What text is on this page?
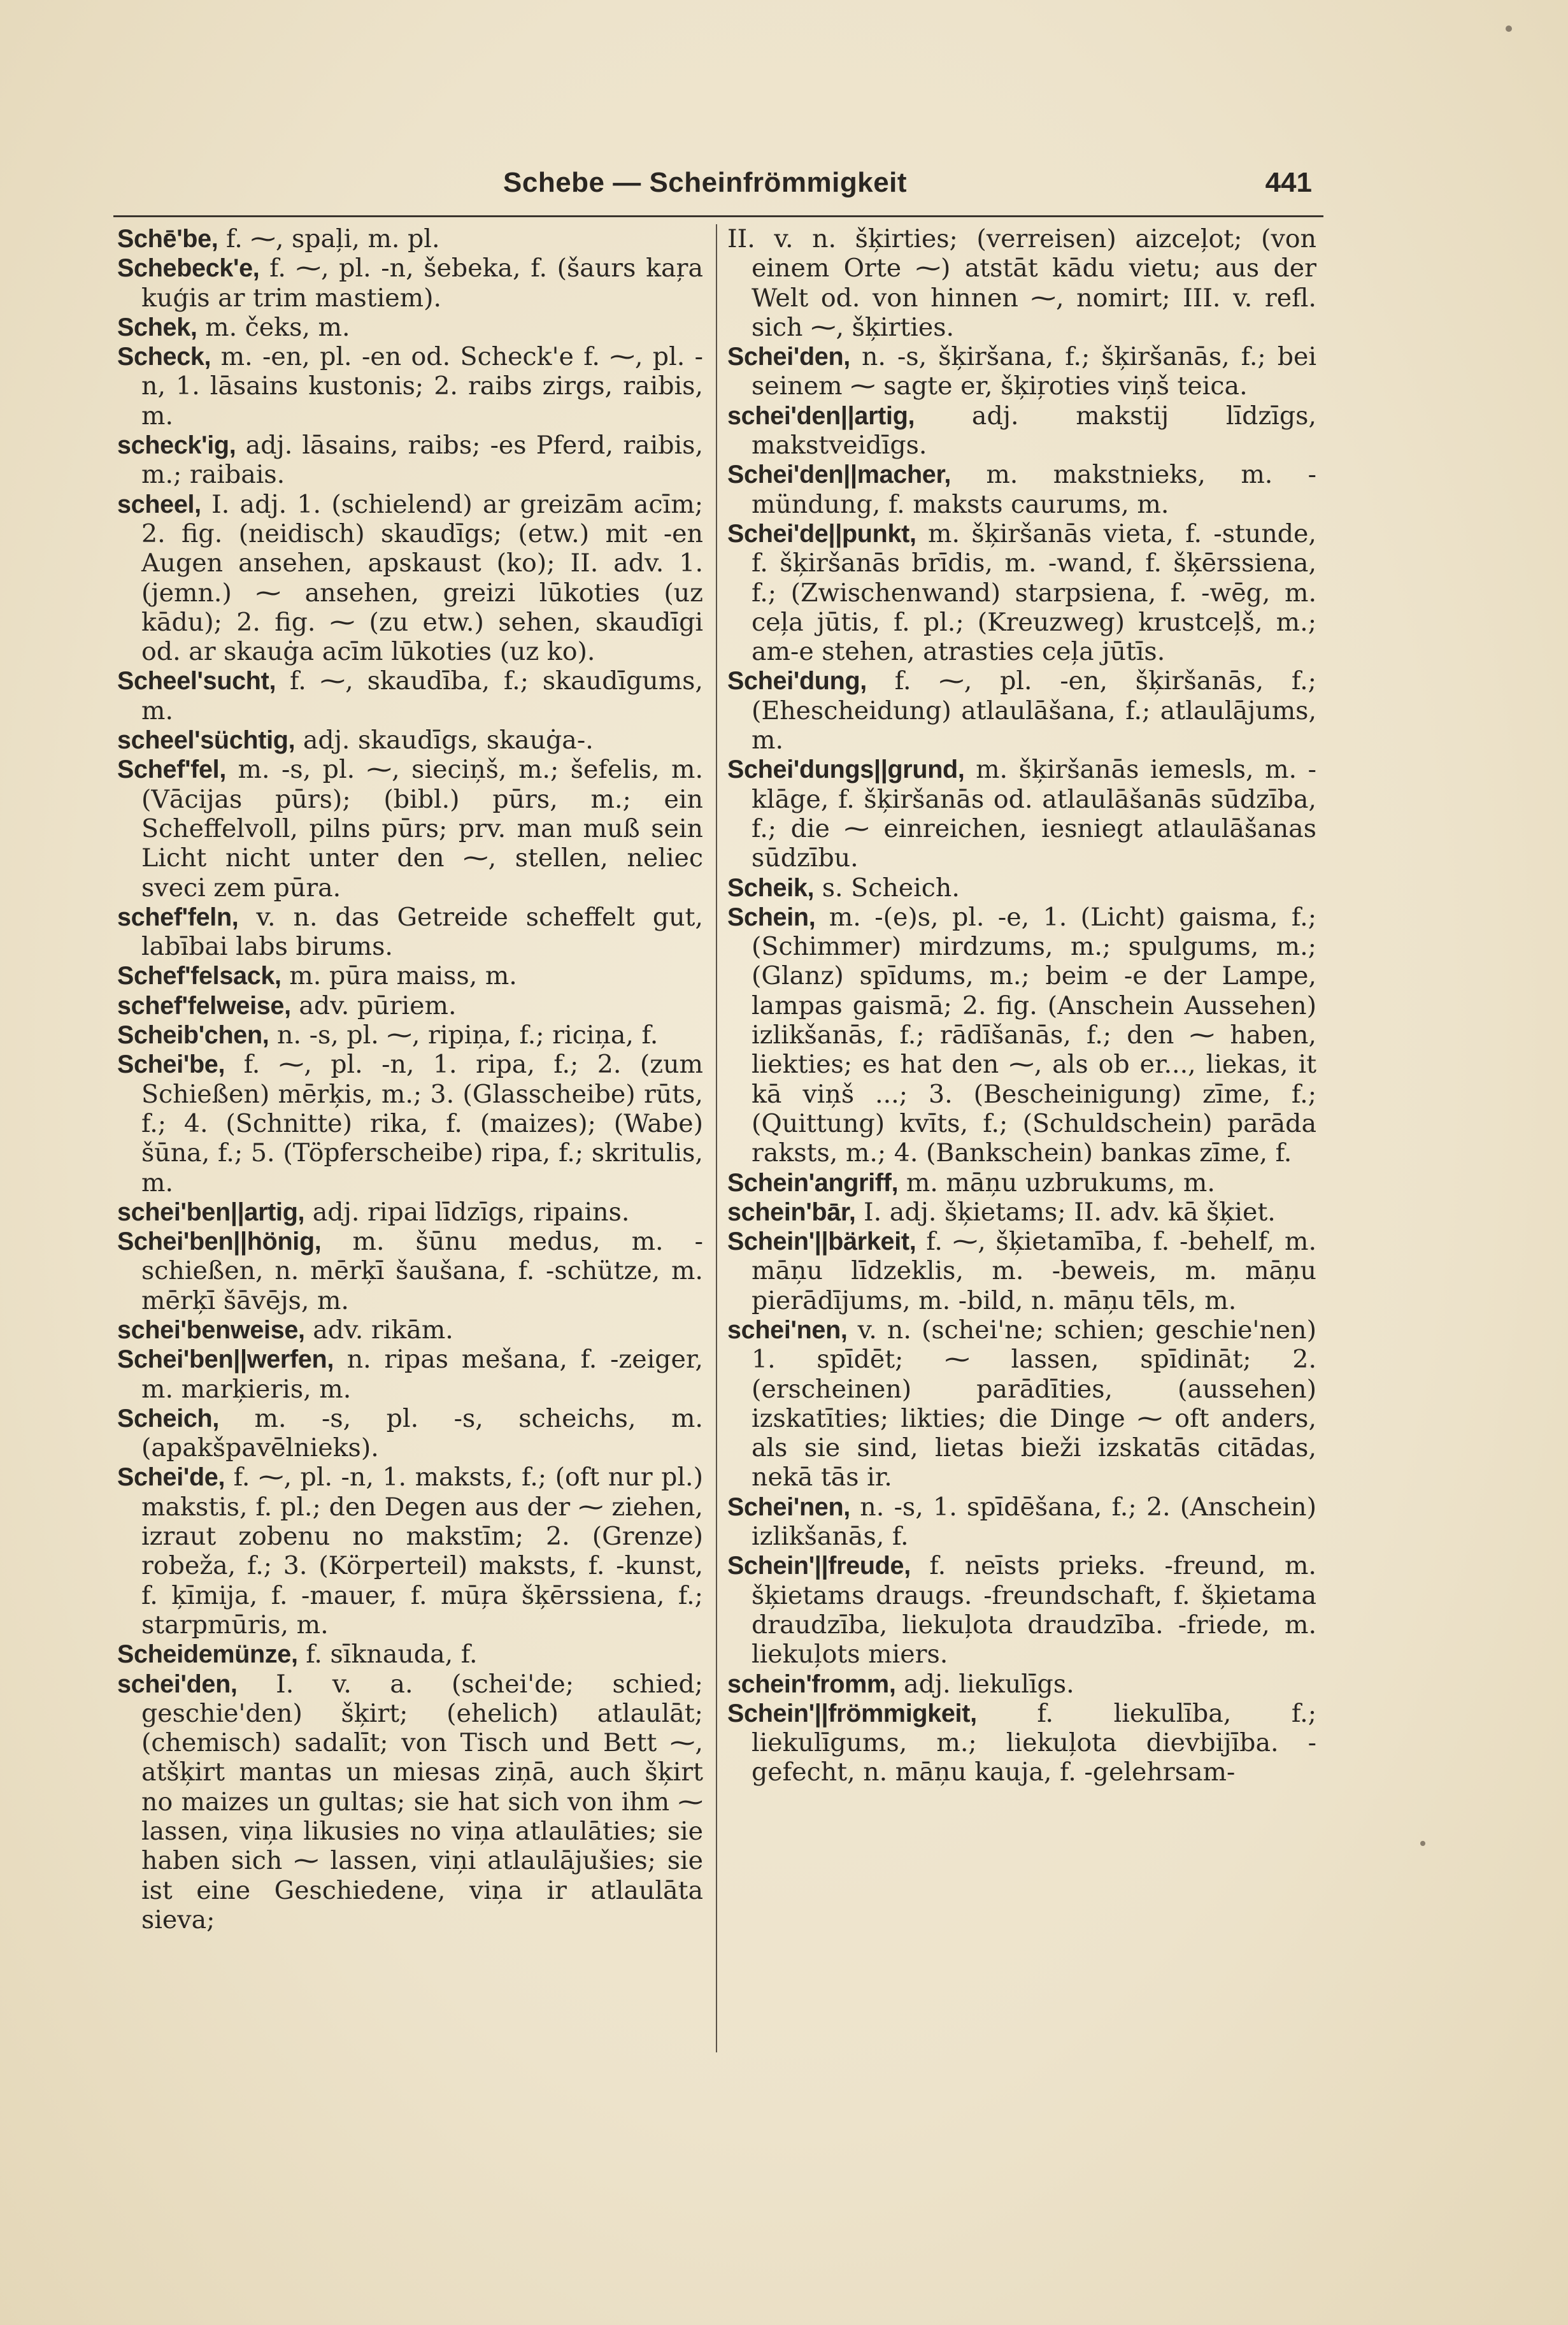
Schebe — Scheinfrömmigkeit	441

Schē'be, f. ⁓, spaļi, m. pl.

Schebeck'e, f. ⁓, pl. -n, šebeka, f. (šaurs kaŗa kuģis ar trim mastiem).

Schek, m. čeks, m.

Scheck, m. -en, pl. -en od. Scheck'e f. ⁓, pl. -n, 1. lāsains kustonis; 2. raibs zirgs, raibis, m.

scheck'ig, adj. lāsains, raibs; -es Pferd, raibis, m.; raibais.

scheel, I. adj. 1. (schielend) ar greizām acīm; 2. fig. (neidisch) skaudīgs; (etw.) mit -en Augen ansehen, apskaust (ko); II. adv. 1. (jemn.) ⁓ ansehen, greizi lūkoties (uz kādu); 2. fig. ⁓ (zu etw.) sehen, skaudīgi od. ar skauġa acīm lūkoties (uz ko).

Scheel'sucht, f. ⁓, skaudība, f.; skaudīgums, m.

scheel'süchtig, adj. skaudīgs, skauġa-.

Schef'fel, m. -s, pl. ⁓, sieciņš, m.; šefelis, m. (Vācijas pūrs); (bibl.) pūrs, m.; ein Scheffelvoll, pilns pūrs; prv. man muß sein Licht nicht unter den ⁓, stellen, neliec sveci zem pūra.

schef'feln, v. n. das Getreide scheffelt gut, labībai labs birums.

Schef'felsack, m. pūra maiss, m.

schef'felweise, adv. pūriem.

Scheib'chen, n. -s, pl. ⁓, ripiņa, f.; riciņa, f.

Schei'be, f. ⁓, pl. -n, 1. ripa, f.; 2. (zum Schießen) mērķis, m.; 3. (Glasscheibe) rūts, f.; 4. (Schnitte) rika, f. (maizes); (Wabe) šūna, f.; 5. (Töpferscheibe) ripa, f.; skritulis, m.

schei'ben||artig, adj. ripai līdzīgs, ripains.

Schei'ben||hönig, m. šūnu medus, m. -schießen, n. mērķī šaušana, f. -schütze, m. mērķī šāvējs, m.

schei'benweise, adv. rikām.

Schei'ben||werfen, n. ripas mešana, f. -zeiger, m. marķieris, m.

Scheich, m. -s, pl. -s, scheichs, m. (apakšpavēlnieks).

Schei'de, f. ⁓, pl. -n, 1. maksts, f.; (oft nur pl.) makstis, f. pl.; den Degen aus der ⁓ ziehen, izraut zobenu no makstīm; 2. (Grenze) robeža, f.; 3. (Körperteil) maksts, f. -kunst, f. ķīmija, f. -mauer, f. mūŗa šķērssiena, f.; starpmūris, m.

Scheidemünze, f. sīknauda, f.

schei'den, I. v. a. (schei'de; schied; geschie'den) šķirt; (ehelich) atlaulāt; (chemisch) sadalīt; von Tisch und Bett ⁓, atšķirt mantas un miesas ziņā, auch šķirt no maizes un gultas; sie hat sich von ihm ⁓ lassen, viņa likusies no viņa atlaulāties; sie haben sich ⁓ lassen, viņi atlaulājušies; sie ist eine Geschiedene, viņa ir atlaulāta sieva;

II. v. n. šķirties; (verreisen) aizceļot; (von einem Orte ⁓) atstāt kādu vietu; aus der Welt od. von hinnen ⁓, nomirt; III. v. refl. sich ⁓, šķirties.

Schei'den, n. -s, šķiršana, f.; šķiršanās, f.; bei seinem ⁓ sagte er, šķiŗoties viņš teica.

schei'den||artig, adj. makstij līdzīgs, makstveidīgs.

Schei'den||macher, m. makstnieks, m. -mündung, f. maksts caurums, m.

Schei'de||punkt, m. šķiršanās vieta, f. -stunde, f. šķiršanās brīdis, m. -wand, f. šķērssiena, f.; (Zwischenwand) starpsiena, f. -wēg, m. ceļa jūtis, f. pl.; (Kreuzweg) krustceļš, m.; am-e stehen, atrasties ceļa jūtīs.

Schei'dung, f. ⁓, pl. -en, šķiršanās, f.; (Ehescheidung) atlaulāšana, f.; atlaulājums, m.

Schei'dungs||grund, m. šķiršanās iemesls, m. -klāge, f. šķiršanās od. atlaulāšanās sūdzība, f.; die ⁓ einreichen, iesniegt atlaulāšanas sūdzību.

Scheik, s. Scheich.

Schein, m. -(e)s, pl. -e, 1. (Licht) gaisma, f.; (Schimmer) mirdzums, m.; spulgums, m.; (Glanz) spīdums, m.; beim -e der Lampe, lampas gaismā; 2. fig. (Anschein Aussehen) izlikšanās, f.; rādīšanās, f.; den ⁓ haben, liekties; es hat den ⁓, als ob er..., liekas, it kā viņš ...; 3. (Bescheinigung) zīme, f.; (Quittung) kvīts, f.; (Schuldschein) parāda raksts, m.; 4. (Bankschein) bankas zīme, f.

Schein'angriff, m. māņu uzbrukums, m.

schein'bār, I. adj. šķietams; II. adv. kā šķiet.

Schein'||bärkeit, f. ⁓, šķietamība, f. -behelf, m. māņu līdzeklis, m. -beweis, m. māņu pierādījums, m. -bild, n. māņu tēls, m.

schei'nen, v. n. (schei'ne; schien; geschie'nen) 1. spīdēt; ⁓ lassen, spīdināt; 2. (erscheinen) parādīties, (aussehen) izskatīties; likties; die Dinge ⁓ oft anders, als sie sind, lietas bieži izskatās citādas, nekā tās ir.

Schei'nen, n. -s, 1. spīdēšana, f.; 2. (Anschein) izlikšanās, f.

Schein'||freude, f. neīsts prieks. -freund, m. šķietams draugs. -freundschaft, f. šķietama draudzība, liekuļota draudzība. -friede, m. liekuļots miers.

schein'fromm, adj. liekulīgs.

Schein'||frömmigkeit, f. liekulība, f.; liekulīgums, m.; liekuļota dievbijība. -gefecht, n. māņu kauja, f. -gelehrsam-
